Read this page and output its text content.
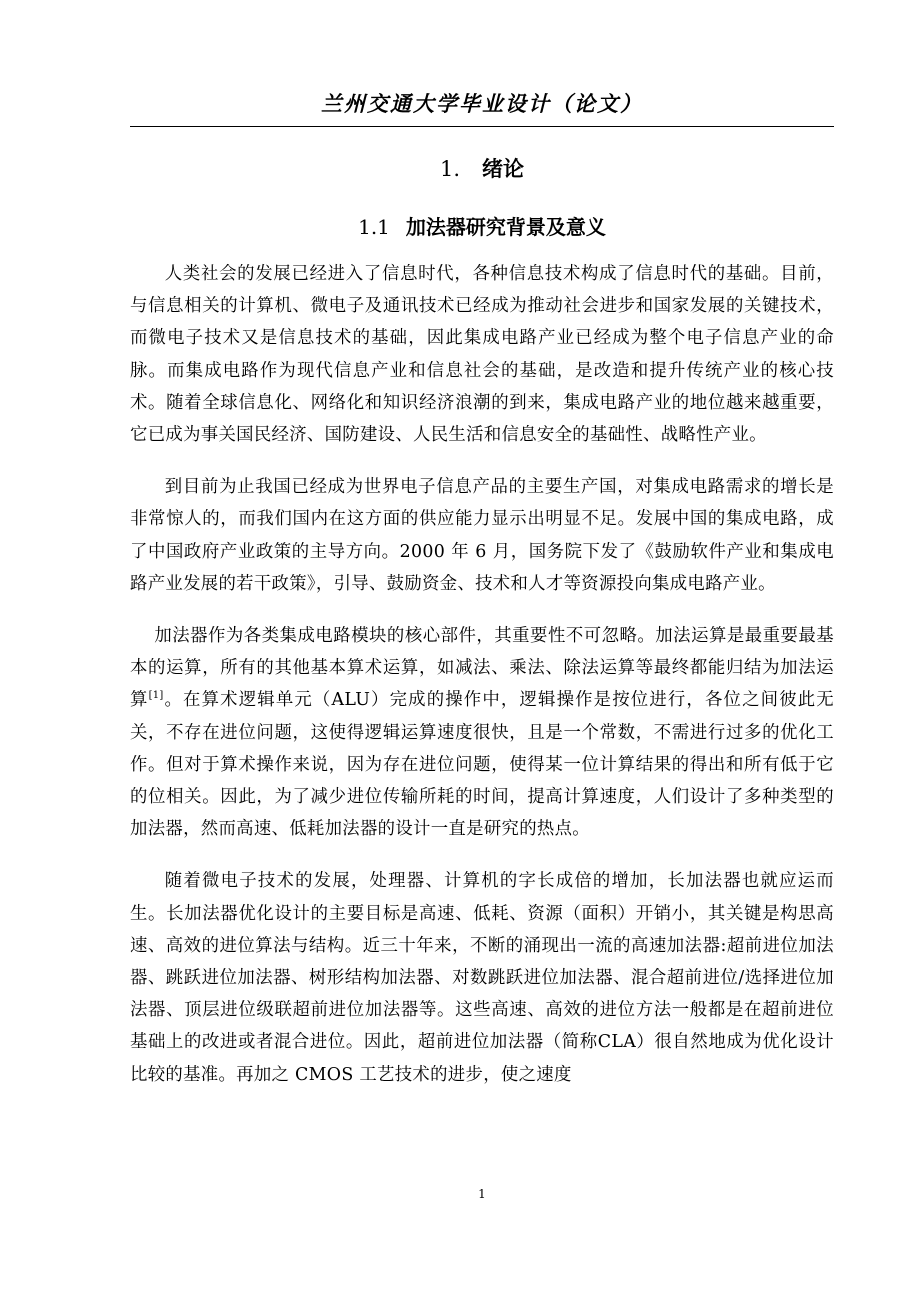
兰州交通大学毕业设计（论文）
1. 绪论
1.1 加法器研究背景及意义

人类社会的发展已经进入了信息时代，各种信息技术构成了信息时代的基础。目前，与信息相关的计算机、微电子及通讯技术已经成为推动社会进步和国家发展的关键技术，而微电子技术又是信息技术的基础，因此集成电路产业已经成为整个电子信息产业的命脉。而集成电路作为现代信息产业和信息社会的基础，是改造和提升传统产业的核心技术。随着全球信息化、网络化和知识经济浪潮的到来，集成电路产业的地位越来越重要，它已成为事关国民经济、国防建设、人民生活和信息安全的基础性、战略性产业。

到目前为止我国已经成为世界电子信息产品的主要生产国，对集成电路需求的增长是非常惊人的，而我们国内在这方面的供应能力显示出明显不足。发展中国的集成电路，成了中国政府产业政策的主导方向。2000 年 6 月，国务院下发了《鼓励软件产业和集成电路产业发展的若干政策》，引导、鼓励资金、技术和人才等资源投向集成电路产业。

加法器作为各类集成电路模块的核心部件，其重要性不可忽略。加法运算是最重要最基本的运算，所有的其他基本算术运算，如减法、乘法、除法运算等最终都能归结为加法运算[1]。在算术逻辑单元（ALU）完成的操作中，逻辑操作是按位进行，各位之间彼此无关，不存在进位问题，这使得逻辑运算速度很快，且是一个常数，不需进行过多的优化工作。但对于算术操作来说，因为存在进位问题，使得某一位计算结果的得出和所有低于它的位相关。因此，为了减少进位传输所耗的时间，提高计算速度，人们设计了多种类型的加法器，然而高速、低耗加法器的设计一直是研究的热点。

随着微电子技术的发展，处理器、计算机的字长成倍的增加，长加法器也就应运而生。长加法器优化设计的主要目标是高速、低耗、资源（面积）开销小，其关键是构思高速、高效的进位算法与结构。近三十年来，不断的涌现出一流的高速加法器:超前进位加法器、跳跃进位加法器、树形结构加法器、对数跳跃进位加法器、混合超前进位/选择进位加法器、顶层进位级联超前进位加法器等。这些高速、高效的进位方法一般都是在超前进位基础上的改进或者混合进位。因此，超前进位加法器（简称CLA）很自然地成为优化设计比较的基准。再加之 CMOS 工艺技术的进步，使之速度

1
